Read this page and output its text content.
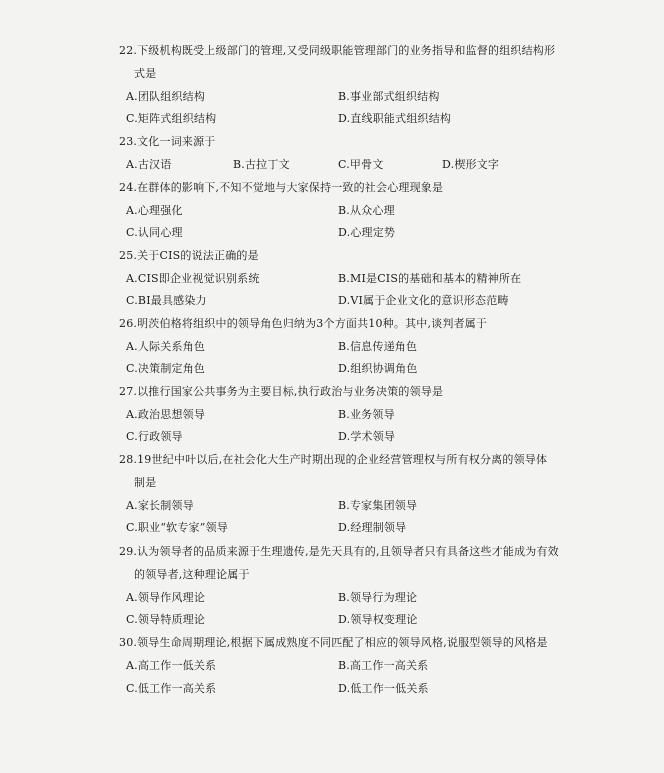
22.下级机构既受上级部门的管理,又受同级职能管理部门的业务指导和监督的组织结构形
式是
A.团队组织结构	B.事业部式组织结构
C.矩阵式组织结构	D.直线职能式组织结构
23.文化一词来源于
A.古汉语	B.古拉丁文	C.甲骨文	D.楔形文字
24.在群体的影响下,不知不觉地与大家保持一致的社会心理现象是
A.心理强化	B.从众心理
C.认同心理	D.心理定势
25.关于CIS的说法正确的是
A.CIS即企业视觉识别系统	B.MI是CIS的基础和基本的精神所在
C.BI最具感染力	D.VI属于企业文化的意识形态范畴
26.明茨伯格将组织中的领导角色归纳为3个方面共10种。其中,谈判者属于
A.人际关系角色	B.信息传递角色
C.决策制定角色	D.组织协调角色
27.以推行国家公共事务为主要目标,执行政治与业务决策的领导是
A.政治思想领导	B.业务领导
C.行政领导	D.学术领导
28.19世纪中叶以后,在社会化大生产时期出现的企业经营管理权与所有权分离的领导体
制是
A.家长制领导	B.专家集团领导
C.职业“软专家”领导	D.经理制领导
29.认为领导者的品质来源于生理遗传,是先天具有的,且领导者只有具备这些才能成为有效
的领导者,这种理论属于
A.领导作风理论	B.领导行为理论
C.领导特质理论	D.领导权变理论
30.领导生命周期理论,根据下属成熟度不同匹配了相应的领导风格,说服型领导的风格是
A.高工作一低关系	B.高工作一高关系
C.低工作一高关系	D.低工作一低关系
